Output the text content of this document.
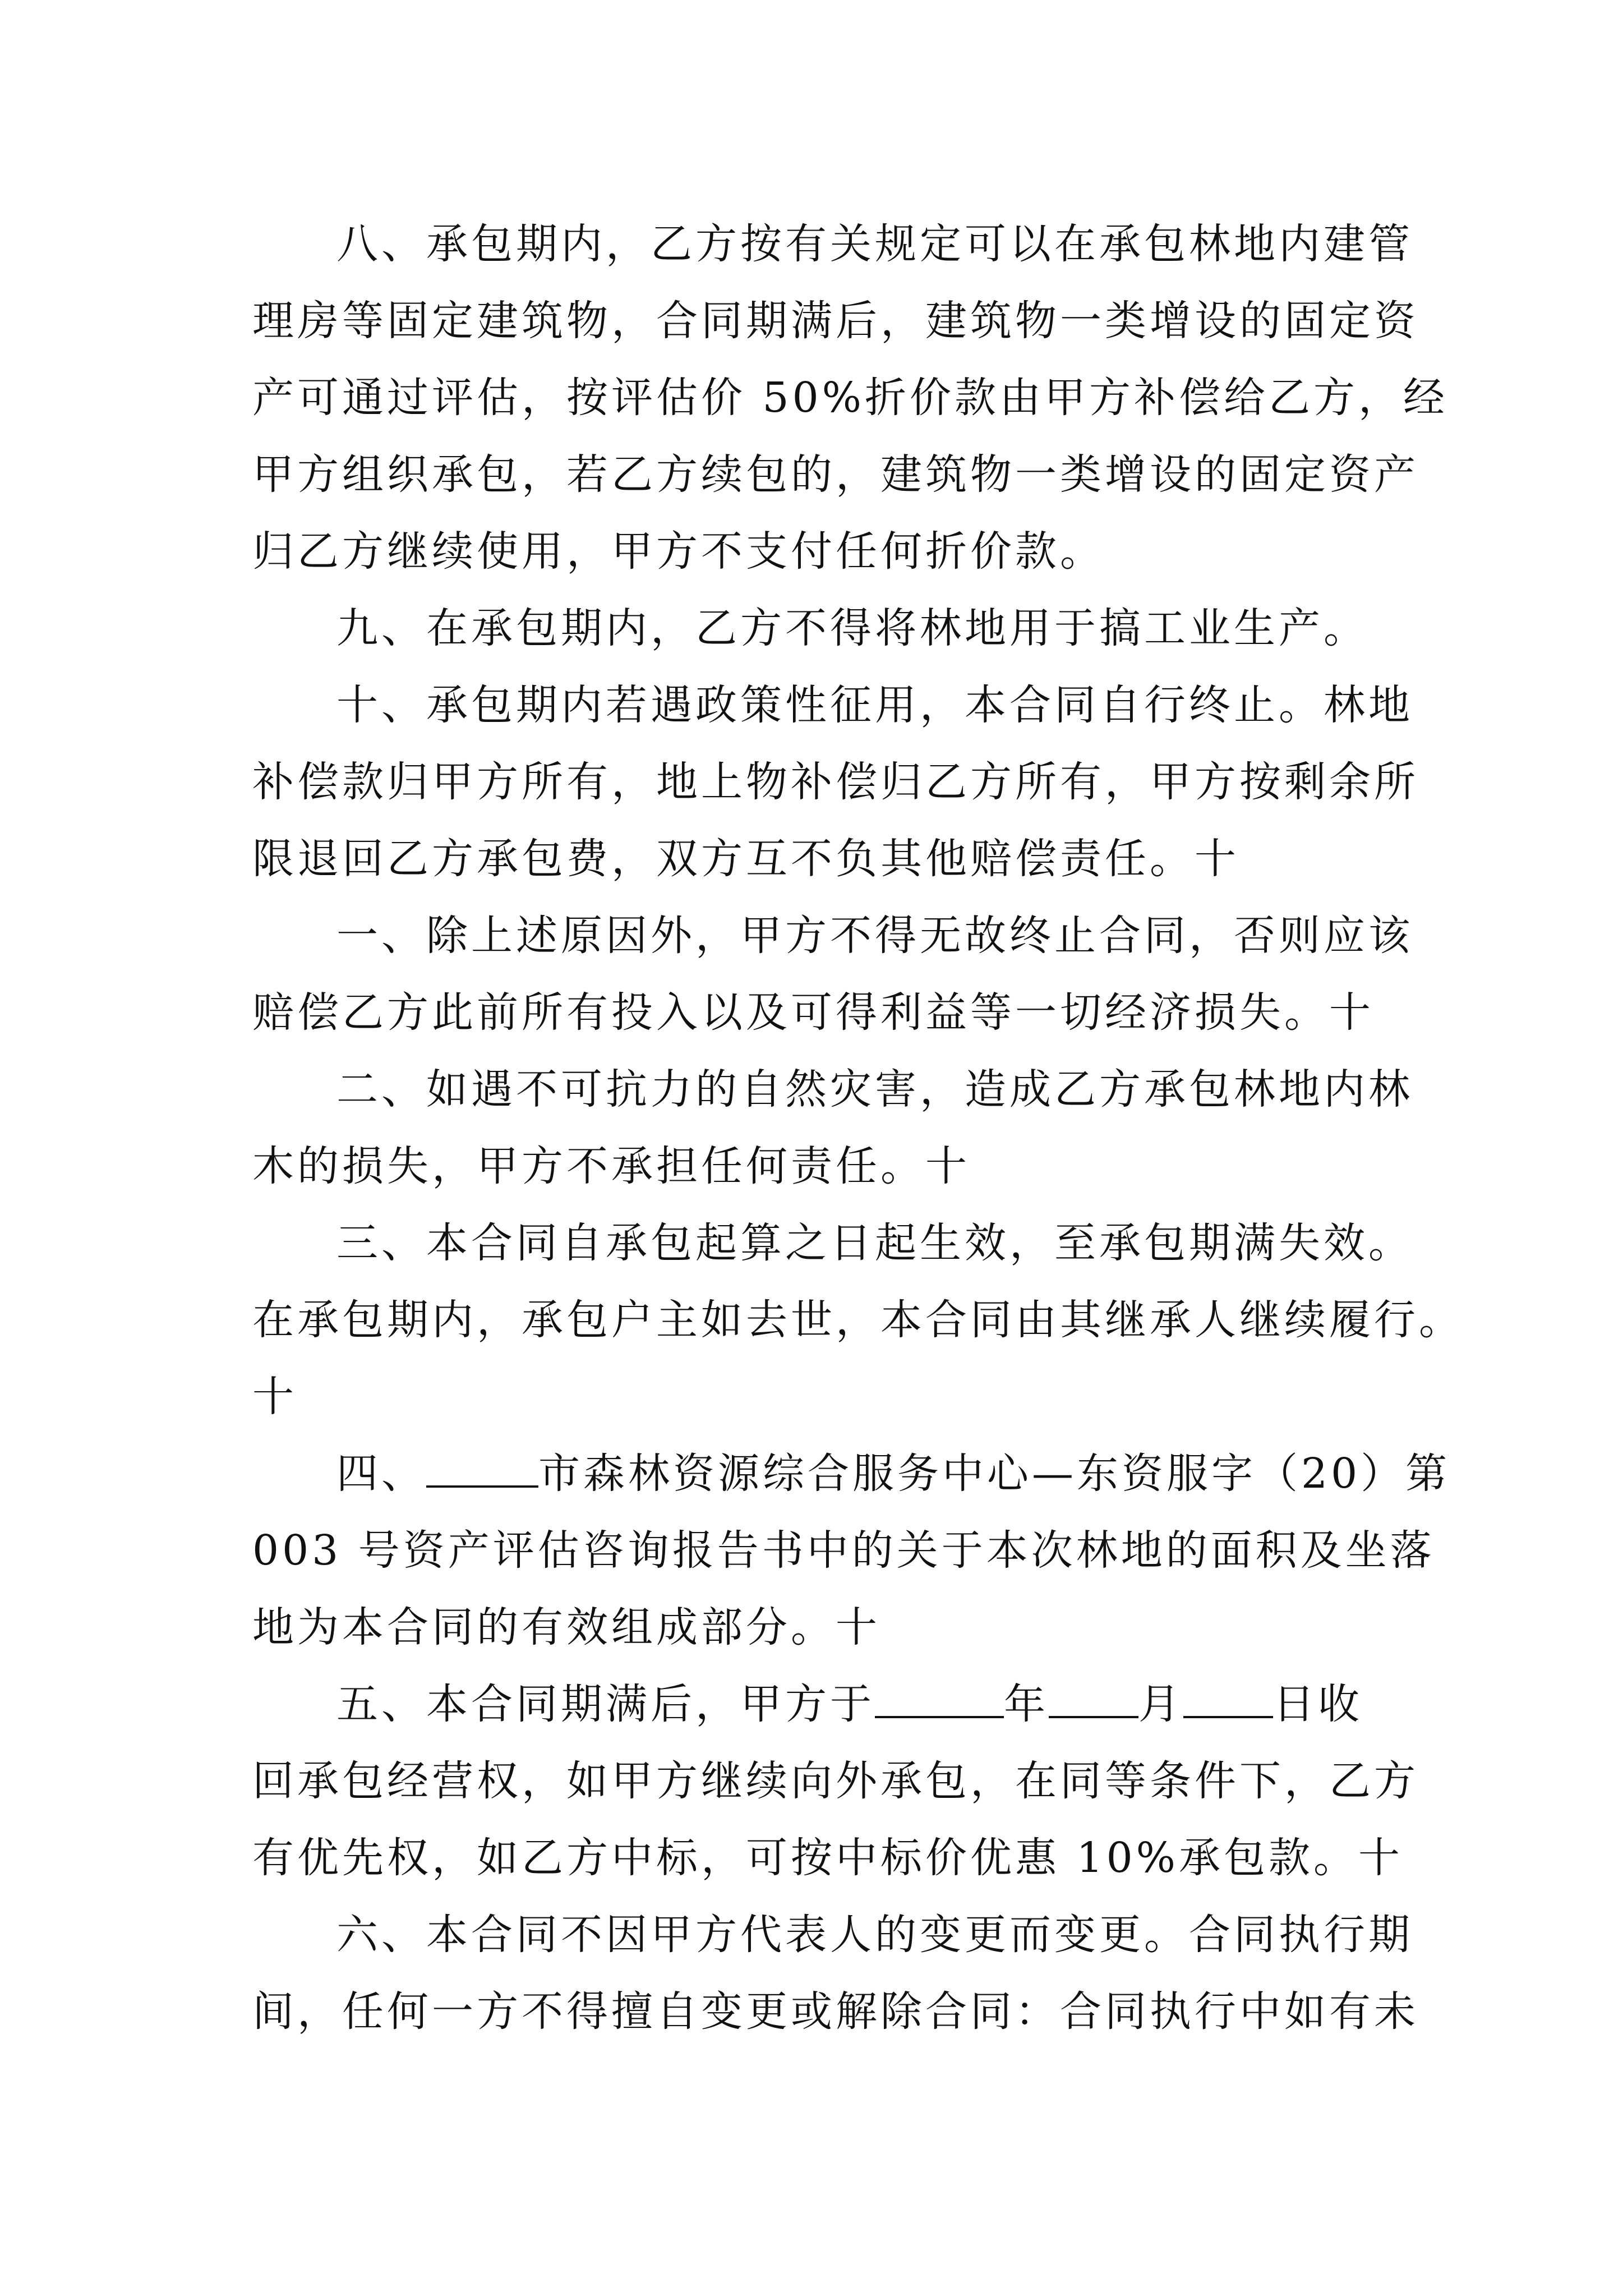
八、承包期内，乙方按有关规定可以在承包林地内建管
理房等固定建筑物，合同期满后，建筑物一类增设的固定资
产可通过评估，按评估价 50%折价款由甲方补偿给乙方，经
甲方组织承包，若乙方续包的，建筑物一类增设的固定资产
归乙方继续使用，甲方不支付任何折价款。
九、在承包期内，乙方不得将林地用于搞工业生产。
十、承包期内若遇政策性征用，本合同自行终止。林地
补偿款归甲方所有，地上物补偿归乙方所有，甲方按剩余所
限退回乙方承包费，双方互不负其他赔偿责任。十
一、除上述原因外，甲方不得无故终止合同，否则应该
赔偿乙方此前所有投入以及可得利益等一切经济损失。十
二、如遇不可抗力的自然灾害，造成乙方承包林地内林
木的损失，甲方不承担任何责任。十
三、本合同自承包起算之日起生效，至承包期满失效。
在承包期内，承包户主如去世，本合同由其继承人继续履行。
十
四、	市森林资源综合服务中心—东资服字（20）第
003 号资产评估咨询报告书中的关于本次林地的面积及坐落
地为本合同的有效组成部分。十
五、本合同期满后，甲方于	年 月 日收
回承包经营权，如甲方继续向外承包，在同等条件下，乙方
有优先权，如乙方中标，可按中标价优惠 10%承包款。十
六、本合同不因甲方代表人的变更而变更。合同执行期
间，任何一方不得擅自变更或解除合同：合同执行中如有未
